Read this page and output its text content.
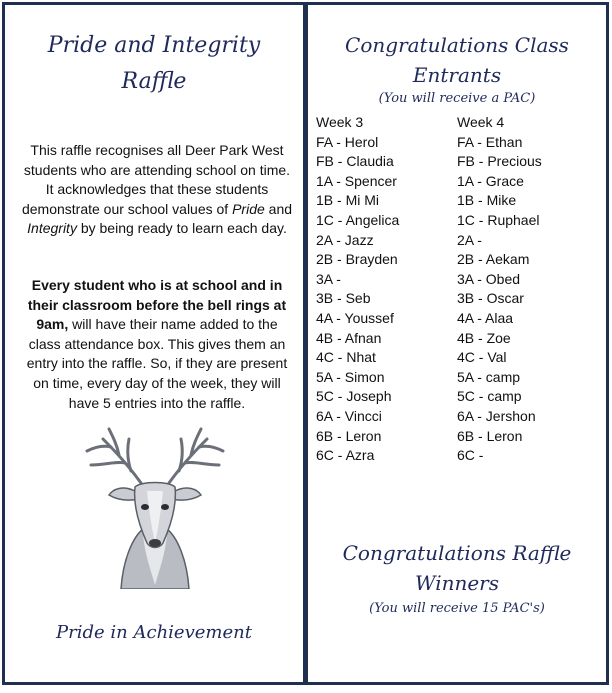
Pride and Integrity
Raffle

This raffle recognises all Deer Park West students who are attending school on time. It acknowledges that these students demonstrate our school values of Pride and Integrity by being ready to learn each day.

Every student who is at school and in their classroom before the bell rings at 9am, will have their name added to the class attendance box. This gives them an entry into the raffle. So, if they are present on time, every day of the week, they will have 5 entries into the raffle.

Pride in Achievement
Congratulations Class
Entrants
(You will receive a PAC)
Week 3
FA - Herol
FB - Claudia
1A - Spencer
1B - Mi Mi
1C - Angelica
2A - Jazz
2B - Brayden
3A -
3B - Seb
4A - Youssef
4B - Afnan
4C - Nhat
5A - Simon
5C - Joseph
6A - Vincci
6B - Leron
6C - Azra
Week 4
FA - Ethan
FB - Precious
1A - Grace
1B - Mike
1C - Ruphael
2A -
2B - Aekam
3A - Obed
3B - Oscar
4A - Alaa
4B - Zoe
4C - Val
5A - camp
5C - camp
6A - Jershon
6B - Leron
6C -
Congratulations Raffle
Winners
(You will receive 15 PAC's)
